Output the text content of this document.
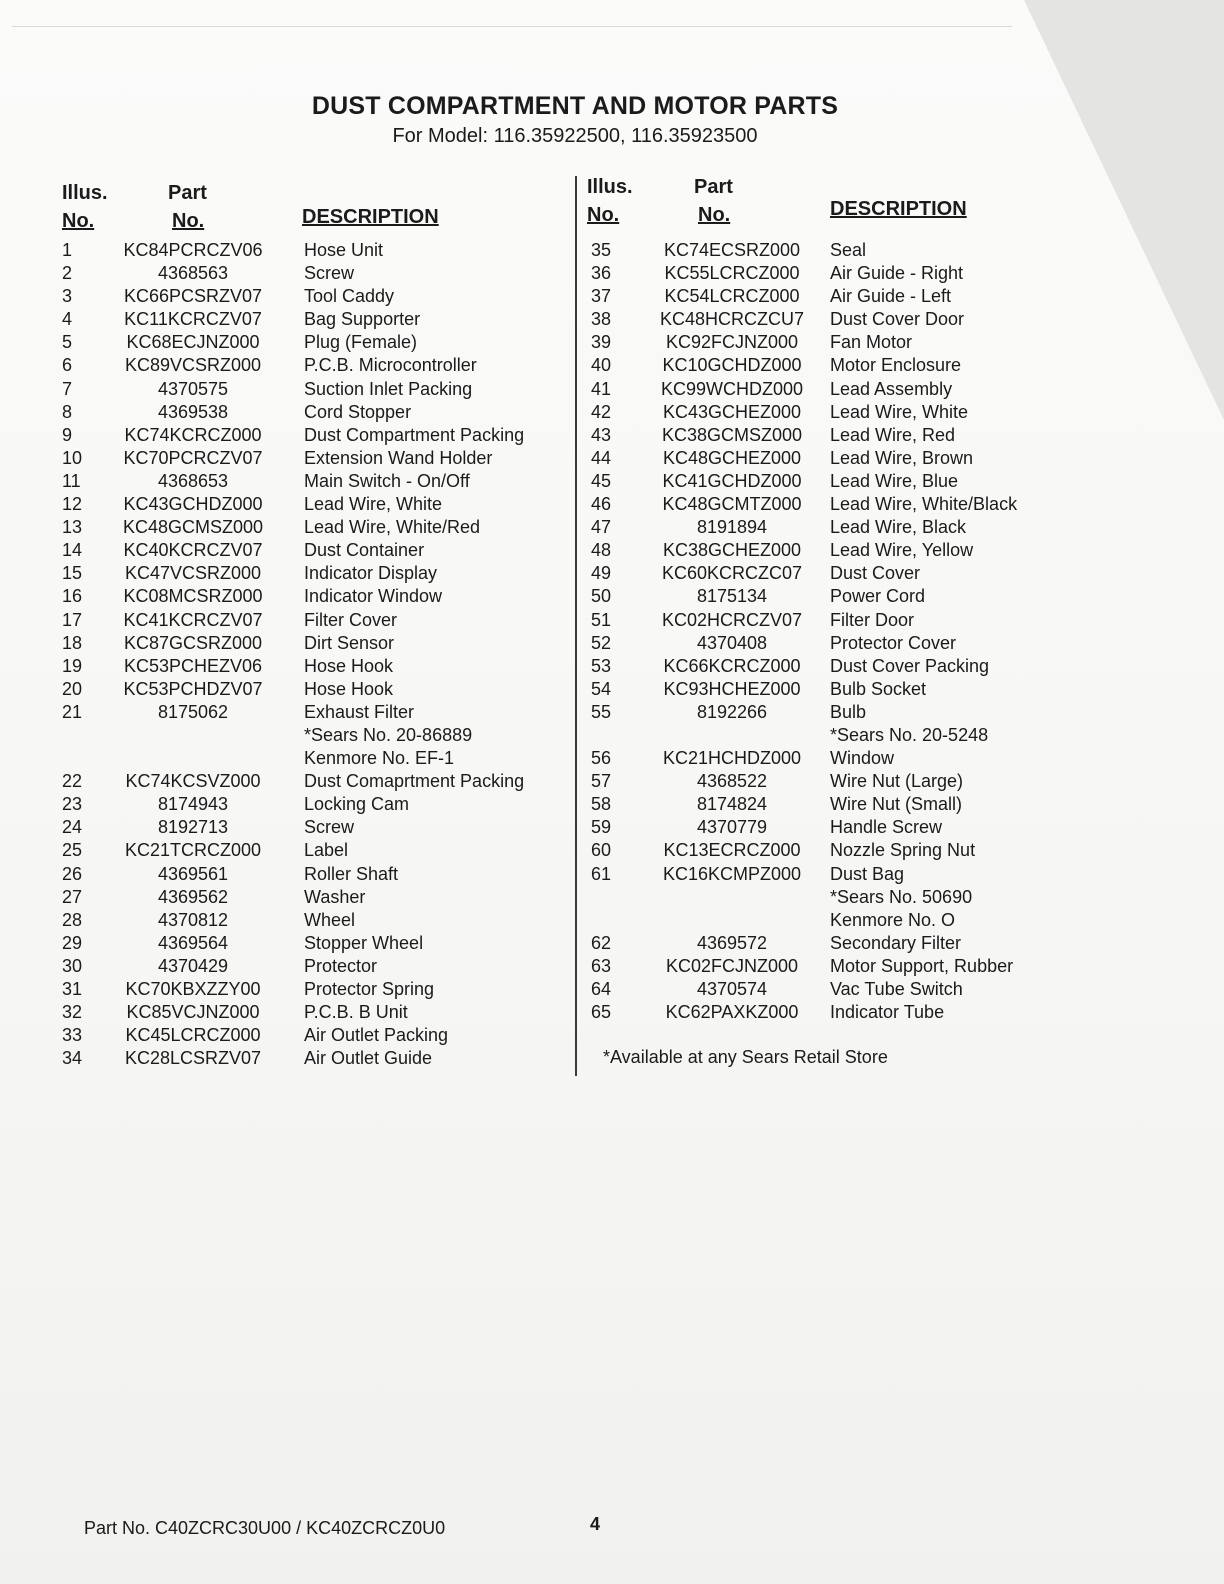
DUST COMPARTMENT AND MOTOR PARTS
For Model: 116.35922500, 116.35923500
Illus.
No.
Part
No.	DESCRIPTION
1	KC84PCRCZV06	Hose Unit
2	4368563	Screw
3	KC66PCSRZV07	Tool Caddy
4	KC11KCRCZV07	Bag Supporter
5	KC68ECJNZ000	Plug (Female)
6	KC89VCSRZ000	P.C.B. Microcontroller
7	4370575	Suction Inlet Packing
8	4369538	Cord Stopper
9	KC74KCRCZ000	Dust Compartment Packing
10	KC70PCRCZV07	Extension Wand Holder
11	4368653	Main Switch - On/Off
12	KC43GCHDZ000	Lead Wire, White
13	KC48GCMSZ000	Lead Wire, White/Red
14	KC40KCRCZV07	Dust Container
15	KC47VCSRZ000	Indicator Display
16	KC08MCSRZ000	Indicator Window
17	KC41KCRCZV07	Filter Cover
18	KC87GCSRZ000	Dirt Sensor
19	KC53PCHEZV06	Hose Hook
20	KC53PCHDZV07	Hose Hook
21	8175062	Exhaust Filter
*Sears No. 20-86889
Kenmore No. EF-1
22	KC74KCSVZ000	Dust Comaprtment Packing
23	8174943	Locking Cam
24	8192713	Screw
25	KC21TCRCZ000	Label
26	4369561	Roller Shaft
27	4369562	Washer
28	4370812	Wheel
29	4369564	Stopper Wheel
30	4370429	Protector
31	KC70KBXZZY00	Protector Spring
32	KC85VCJNZ000	P.C.B. B Unit
33	KC45LCRCZ000	Air Outlet Packing
34	KC28LCSRZV07	Air Outlet Guide
Illus.
No.
Part
No.	DESCRIPTION
35	KC74ECSRZ000	Seal
36	KC55LCRCZ000	Air Guide - Right
37	KC54LCRCZ000	Air Guide - Left
38	KC48HCRCZCU7	Dust Cover Door
39	KC92FCJNZ000	Fan Motor
40	KC10GCHDZ000	Motor Enclosure
41	KC99WCHDZ000	Lead Assembly
42	KC43GCHEZ000	Lead Wire, White
43	KC38GCMSZ000	Lead Wire, Red
44	KC48GCHEZ000	Lead Wire, Brown
45	KC41GCHDZ000	Lead Wire, Blue
46	KC48GCMTZ000	Lead Wire, White/Black
47	8191894	Lead Wire, Black
48	KC38GCHEZ000	Lead Wire, Yellow
49	KC60KCRCZC07	Dust Cover
50	8175134	Power Cord
51	KC02HCRCZV07	Filter Door
52	4370408	Protector Cover
53	KC66KCRCZ000	Dust Cover Packing
54	KC93HCHEZ000	Bulb Socket
55	8192266	Bulb
*Sears No. 20-5248
56	KC21HCHDZ000	Window
57	4368522	Wire Nut (Large)
58	8174824	Wire Nut (Small)
59	4370779	Handle Screw
60	KC13ECRCZ000	Nozzle Spring Nut
61	KC16KCMPZ000	Dust Bag
*Sears No. 50690
Kenmore No. O
62	4369572	Secondary Filter
63	KC02FCJNZ000	Motor Support, Rubber
64	4370574	Vac Tube Switch
65	KC62PAXKZ000	Indicator Tube
*Available at any Sears Retail Store
Part No. C40ZCRC30U00 / KC40ZCRCZ0U0	4
